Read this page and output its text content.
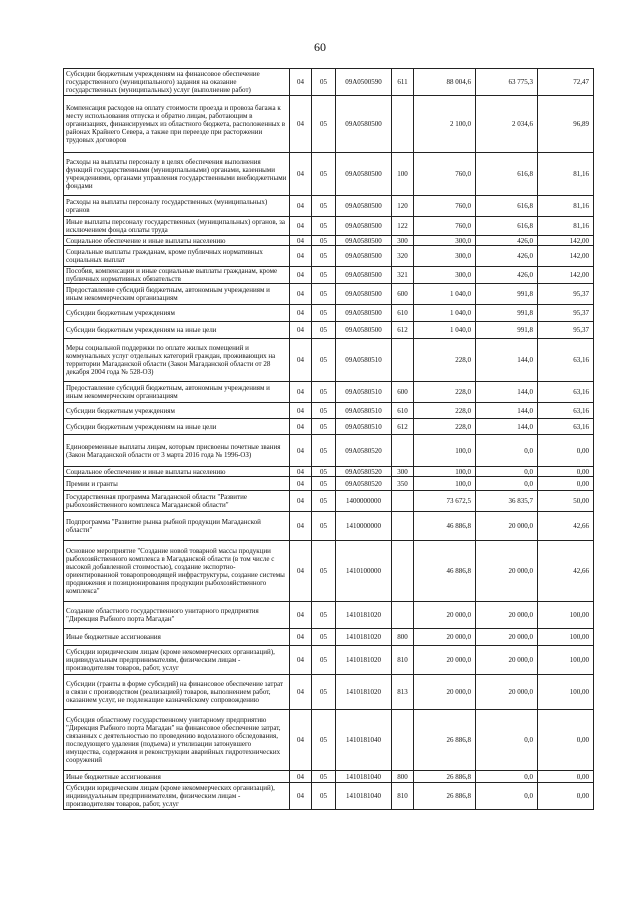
60
Субсидии бюджетным учреждениям на финансовое обеспечение государственного (муниципального) задания на оказание государственных (муниципальных) услуг (выполнение работ)	04	05	09А0500590	611	88 004,6	63 775,3	72,47
Компенсация расходов на оплату стоимости проезда и провоза багажа к месту использования отпуска и обратно лицам, работающим в организациях, финансируемых из областного бюджета, расположенных в районах Крайнего Севера, а также при переезде при расторжении трудовых договоров	04	05	09А0580500		2 100,0	2 034,6	96,89
Расходы на выплаты персоналу в целях обеспечения выполнения функций государственными (муниципальными) органами, казенными учреждениями, органами управления государственными внебюджетными фондами	04	05	09А0580500	100	760,0	616,8	81,16
Расходы на выплаты персоналу государственных (муниципальных) органов	04	05	09А0580500	120	760,0	616,8	81,16
Иные выплаты персоналу государственных (муниципальных) органов, за исключением фонда оплаты труда	04	05	09А0580500	122	760,0	616,8	81,16
Социальное обеспечение и иные выплаты населению	04	05	09А0580500	300	300,0	426,0	142,00
Социальные выплаты гражданам, кроме публичных нормативных социальных выплат	04	05	09А0580500	320	300,0	426,0	142,00
Пособия, компенсации и иные социальные выплаты гражданам, кроме публичных нормативных обязательств	04	05	09А0580500	321	300,0	426,0	142,00
Предоставление субсидий бюджетным, автономным учреждениям и иным некоммерческим организациям	04	05	09А0580500	600	1 040,0	991,8	95,37
Субсидии бюджетным учреждениям	04	05	09А0580500	610	1 040,0	991,8	95,37
Субсидии бюджетным учреждениям на иные цели	04	05	09А0580500	612	1 040,0	991,8	95,37
Меры социальной поддержки по оплате жилых помещений и коммунальных услуг отдельных категорий граждан, проживающих на территории Магаданской области (Закон Магаданской области от 28 декабря 2004 года № 528-ОЗ)	04	05	09А0580510		228,0	144,0	63,16
Предоставление субсидий бюджетным, автономным учреждениям и иным некоммерческим организациям	04	05	09А0580510	600	228,0	144,0	63,16
Субсидии бюджетным учреждениям	04	05	09А0580510	610	228,0	144,0	63,16
Субсидии бюджетным учреждениям на иные цели	04	05	09А0580510	612	228,0	144,0	63,16
Единовременные выплаты лицам, которым присвоены почетные звания (Закон Магаданской области от 3 марта 2016 года № 1996-ОЗ)	04	05	09А0580520		100,0	0,0	0,00
Социальное обеспечение и иные выплаты населению	04	05	09А0580520	300	100,0	0,0	0,00
Премии и гранты	04	05	09А0580520	350	100,0	0,0	0,00
Государственная программа Магаданской области "Развитие рыбохозяйственного комплекса Магаданской области"	04	05	1400000000		73 672,5	36 835,7	50,00
Подпрограмма "Развитие рынка рыбной продукции Магаданской области"	04	05	1410000000		46 886,8	20 000,0	42,66
Основное мероприятие "Создание новой товарной массы продукции рыбохозяйственного комплекса в Магаданской области (в том числе с высокой добавленной стоимостью), создание экспортно-ориентированной товаропроводящей инфраструктуры, создание системы продвижения и позиционирования продукции рыбохозяйственного комплекса"	04	05	1410100000		46 886,8	20 000,0	42,66
Создание областного государственного унитарного предприятия "Дирекция Рыбного порта Магадан"	04	05	1410181020		20 000,0	20 000,0	100,00
Иные бюджетные ассигнования	04	05	1410181020	800	20 000,0	20 000,0	100,00
Субсидии юридическим лицам (кроме некоммерческих организаций), индивидуальным предпринимателям, физическим лицам - производителям товаров, работ, услуг	04	05	1410181020	810	20 000,0	20 000,0	100,00
Субсидии (гранты в форме субсидий) на финансовое обеспечение затрат в связи с производством (реализацией) товаров, выполнением работ, оказанием услуг, не подлежащие казначейскому сопровождению	04	05	1410181020	813	20 000,0	20 000,0	100,00
Субсидия областному государственному унитарному предприятию "Дирекция Рыбного порта Магадан" на финансовое обеспечение затрат, связанных с деятельностью по проведению водолазного обследования, последующего удаления (подъема) и утилизации затонувшего имущества, содержания и реконструкции аварийных гидротехнических сооружений	04	05	1410181040		26 886,8	0,0	0,00
Иные бюджетные ассигнования	04	05	1410181040	800	26 886,8	0,0	0,00
Субсидии юридическим лицам (кроме некоммерческих организаций), индивидуальным предпринимателям, физическим лицам - производителям товаров, работ, услуг	04	05	1410181040	810	26 886,8	0,0	0,00
